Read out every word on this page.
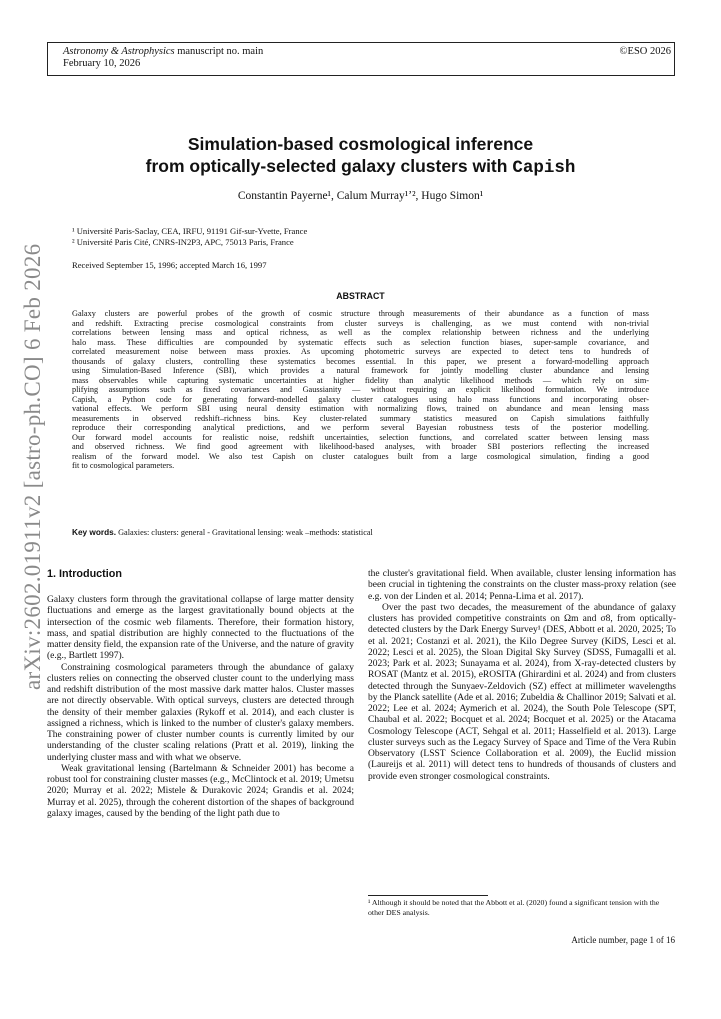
Astronomy & Astrophysics manuscript no. main
February 10, 2026
©ESO 2026
arXiv:2602.01911v2 [astro-ph.CO] 6 Feb 2026
Simulation-based cosmological inference
from optically-selected galaxy clusters with Capish
Constantin Payerne¹, Calum Murray¹ʼ², Hugo Simon¹
¹ Université Paris-Saclay, CEA, IRFU, 91191 Gif-sur-Yvette, France
² Université Paris Cité, CNRS-IN2P3, APC, 75013 Paris, France
Received September 15, 1996; accepted March 16, 1997
ABSTRACT
Galaxy clusters are powerful probes of the growth of cosmic structure through measurements of their abundance as a function of mass
and redshift. Extracting precise cosmological constraints from cluster surveys is challenging, as we must contend with non-trivial
correlations between lensing mass and optical richness, as well as the complex relationship between richness and the underlying
halo mass. These difficulties are compounded by systematic effects such as selection function biases, super-sample covariance, and
correlated measurement noise between mass proxies. As upcoming photometric surveys are expected to detect tens to hundreds of
thousands of galaxy clusters, controlling these systematics becomes essential. In this paper, we present a forward-modelling approach
using Simulation-Based Inference (SBI), which provides a natural framework for jointly modelling cluster abundance and lensing
mass observables while capturing systematic uncertainties at higher fidelity than analytic likelihood methods — which rely on sim-
plifying assumptions such as fixed covariances and Gaussianity — without requiring an explicit likelihood formulation. We introduce
Capish, a Python code for generating forward-modelled galaxy cluster catalogues using halo mass functions and incorporating obser-
vational effects. We perform SBI using neural density estimation with normalizing flows, trained on abundance and mean lensing mass
measurements in observed redshift–richness bins. Key cluster-related summary statistics measured on Capish simulations faithfully
reproduce their corresponding analytical predictions, and we perform several Bayesian robustness tests of the posterior modelling.
Our forward model accounts for realistic noise, redshift uncertainties, selection functions, and correlated scatter between lensing mass
and observed richness. We find good agreement with likelihood-based analyses, with broader SBI posteriors reflecting the increased
realism of the forward model. We also test Capish on cluster catalogues built from a large cosmological simulation, finding a good
fit to cosmological parameters.
Key words. Galaxies: clusters: general - Gravitational lensing: weak –methods: statistical
1. Introduction

Galaxy clusters form through the gravitational collapse of large matter density fluctuations and emerge as the largest gravitationally bound objects at the intersection of the cosmic web filaments. Therefore, their formation history, mass, and spatial distribution are highly connected to the fluctuations of the matter density field, the expansion rate of the Universe, and the nature of gravity (e.g., Bartlett 1997).

Constraining cosmological parameters through the abundance of galaxy clusters relies on connecting the observed cluster count to the underlying mass and redshift distribution of the most massive dark matter halos. Cluster masses are not directly observable. With optical surveys, clusters are detected through the density of their member galaxies (Rykoff et al. 2014), and each cluster is assigned a richness, which is linked to the number of cluster's galaxy members. The constraining power of cluster number counts is currently limited by our understanding of the cluster scaling relations (Pratt et al. 2019), linking the underlying cluster mass and with what we observe.

Weak gravitational lensing (Bartelmann & Schneider 2001) has become a robust tool for constraining cluster masses (e.g., McClintock et al. 2019; Umetsu 2020; Murray et al. 2022; Mistele & Durakovic 2024; Grandis et al. 2024; Murray et al. 2025), through the coherent distortion of the shapes of background galaxy images, caused by the bending of the light path due to

the cluster's gravitational field. When available, cluster lensing information has been crucial in tightening the constraints on the cluster mass-proxy relation (see e.g. von der Linden et al. 2014; Penna-Lima et al. 2017).

Over the past two decades, the measurement of the abundance of galaxy clusters has provided competitive constraints on Ωm and σ8, from optically-detected clusters by the Dark Energy Survey¹ (DES, Abbott et al. 2020, 2025; To et al. 2021; Costanzi et al. 2021), the Kilo Degree Survey (KiDS, Lesci et al. 2022; Lesci et al. 2025), the Sloan Digital Sky Survey (SDSS, Fumagalli et al. 2023; Park et al. 2023; Sunayama et al. 2024), from X-ray-detected clusters by ROSAT (Mantz et al. 2015), eROSITA (Ghirardini et al. 2024) and from clusters detected through the Sunyaev-Zeldovich (SZ) effect at millimeter wavelengths by the Planck satellite (Ade et al. 2016; Zubeldia & Challinor 2019; Salvati et al. 2022; Lee et al. 2024; Aymerich et al. 2024), the South Pole Telescope (SPT, Chaubal et al. 2022; Bocquet et al. 2024; Bocquet et al. 2025) or the Atacama Cosmology Telescope (ACT, Sehgal et al. 2011; Hasselfield et al. 2013). Large cluster surveys such as the Legacy Survey of Space and Time of the Vera Rubin Observatory (LSST Science Collaboration et al. 2009), the Euclid mission (Laureijs et al. 2011) will detect tens to hundreds of thousands of clusters and provide even stronger cosmological constraints.

¹ Although it should be noted that the Abbott et al. (2020) found a significant tension with the other DES analysis.
Article number, page 1 of 16
